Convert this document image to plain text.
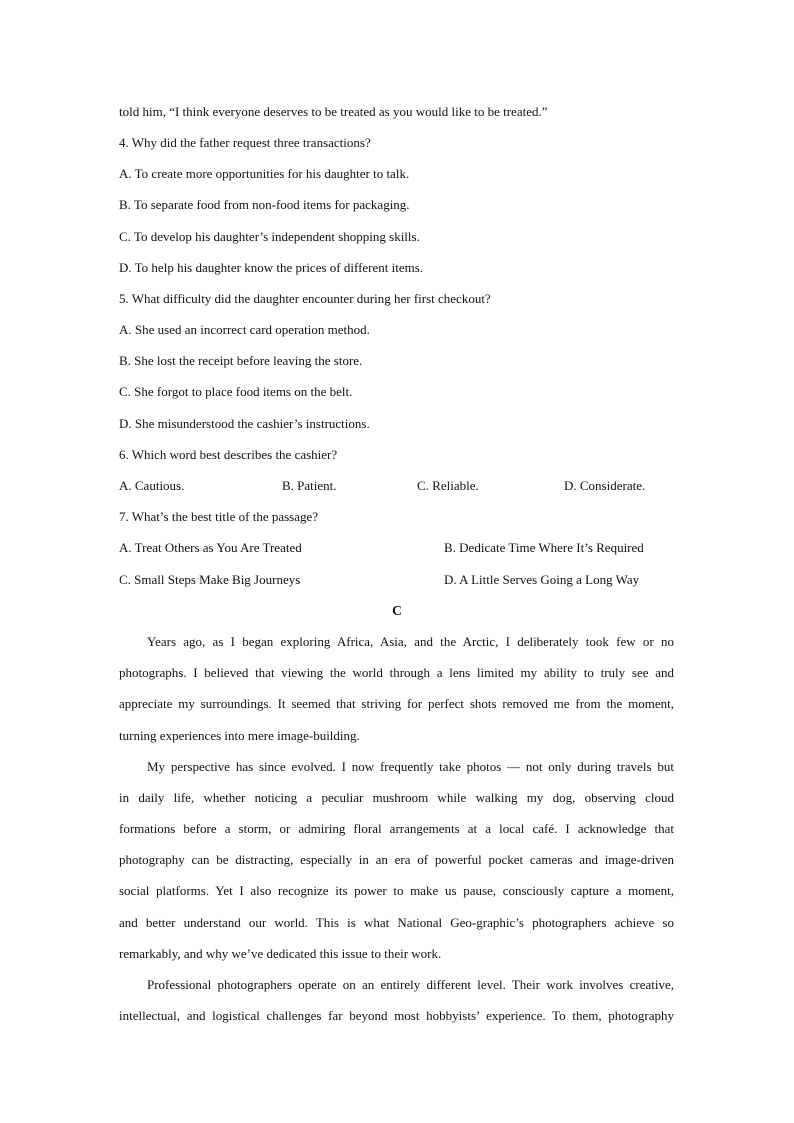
told him, “I think everyone deserves to be treated as you would like to be treated.”
4. Why did the father request three transactions?
A. To create more opportunities for his daughter to talk.
B. To separate food from non-food items for packaging.
C. To develop his daughter’s independent shopping skills.
D. To help his daughter know the prices of different items.
5. What difficulty did the daughter encounter during her first checkout?
A. She used an incorrect card operation method.
B. She lost the receipt before leaving the store.
C. She forgot to place food items on the belt.
D. She misunderstood the cashier’s instructions.
6. Which word best describes the cashier?
A. Cautious.	B. Patient.	C. Reliable.	D. Considerate.
7. What’s the best title of the passage?
A. Treat Others as You Are Treated	B. Dedicate Time Where It’s Required
C. Small Steps Make Big Journeys	D. A Little Serves Going a Long Way
C
Years ago, as I began exploring Africa, Asia, and the Arctic, I deliberately took few or no
photographs. I believed that viewing the world through a lens limited my ability to truly see and
appreciate my surroundings. It seemed that striving for perfect shots removed me from the moment,
turning experiences into mere image-building.
My perspective has since evolved. I now frequently take photos — not only during travels but
in daily life, whether noticing a peculiar mushroom while walking my dog, observing cloud
formations before a storm, or admiring floral arrangements at a local café. I acknowledge that
photography can be distracting, especially in an era of powerful pocket cameras and image-driven
social platforms. Yet I also recognize its power to make us pause, consciously capture a moment,
and better understand our world. This is what National Geo-graphic’s photographers achieve so
remarkably, and why we’ve dedicated this issue to their work.
Professional photographers operate on an entirely different level. Their work involves creative,
intellectual, and logistical challenges far beyond most hobbyists’ experience. To them, photography
